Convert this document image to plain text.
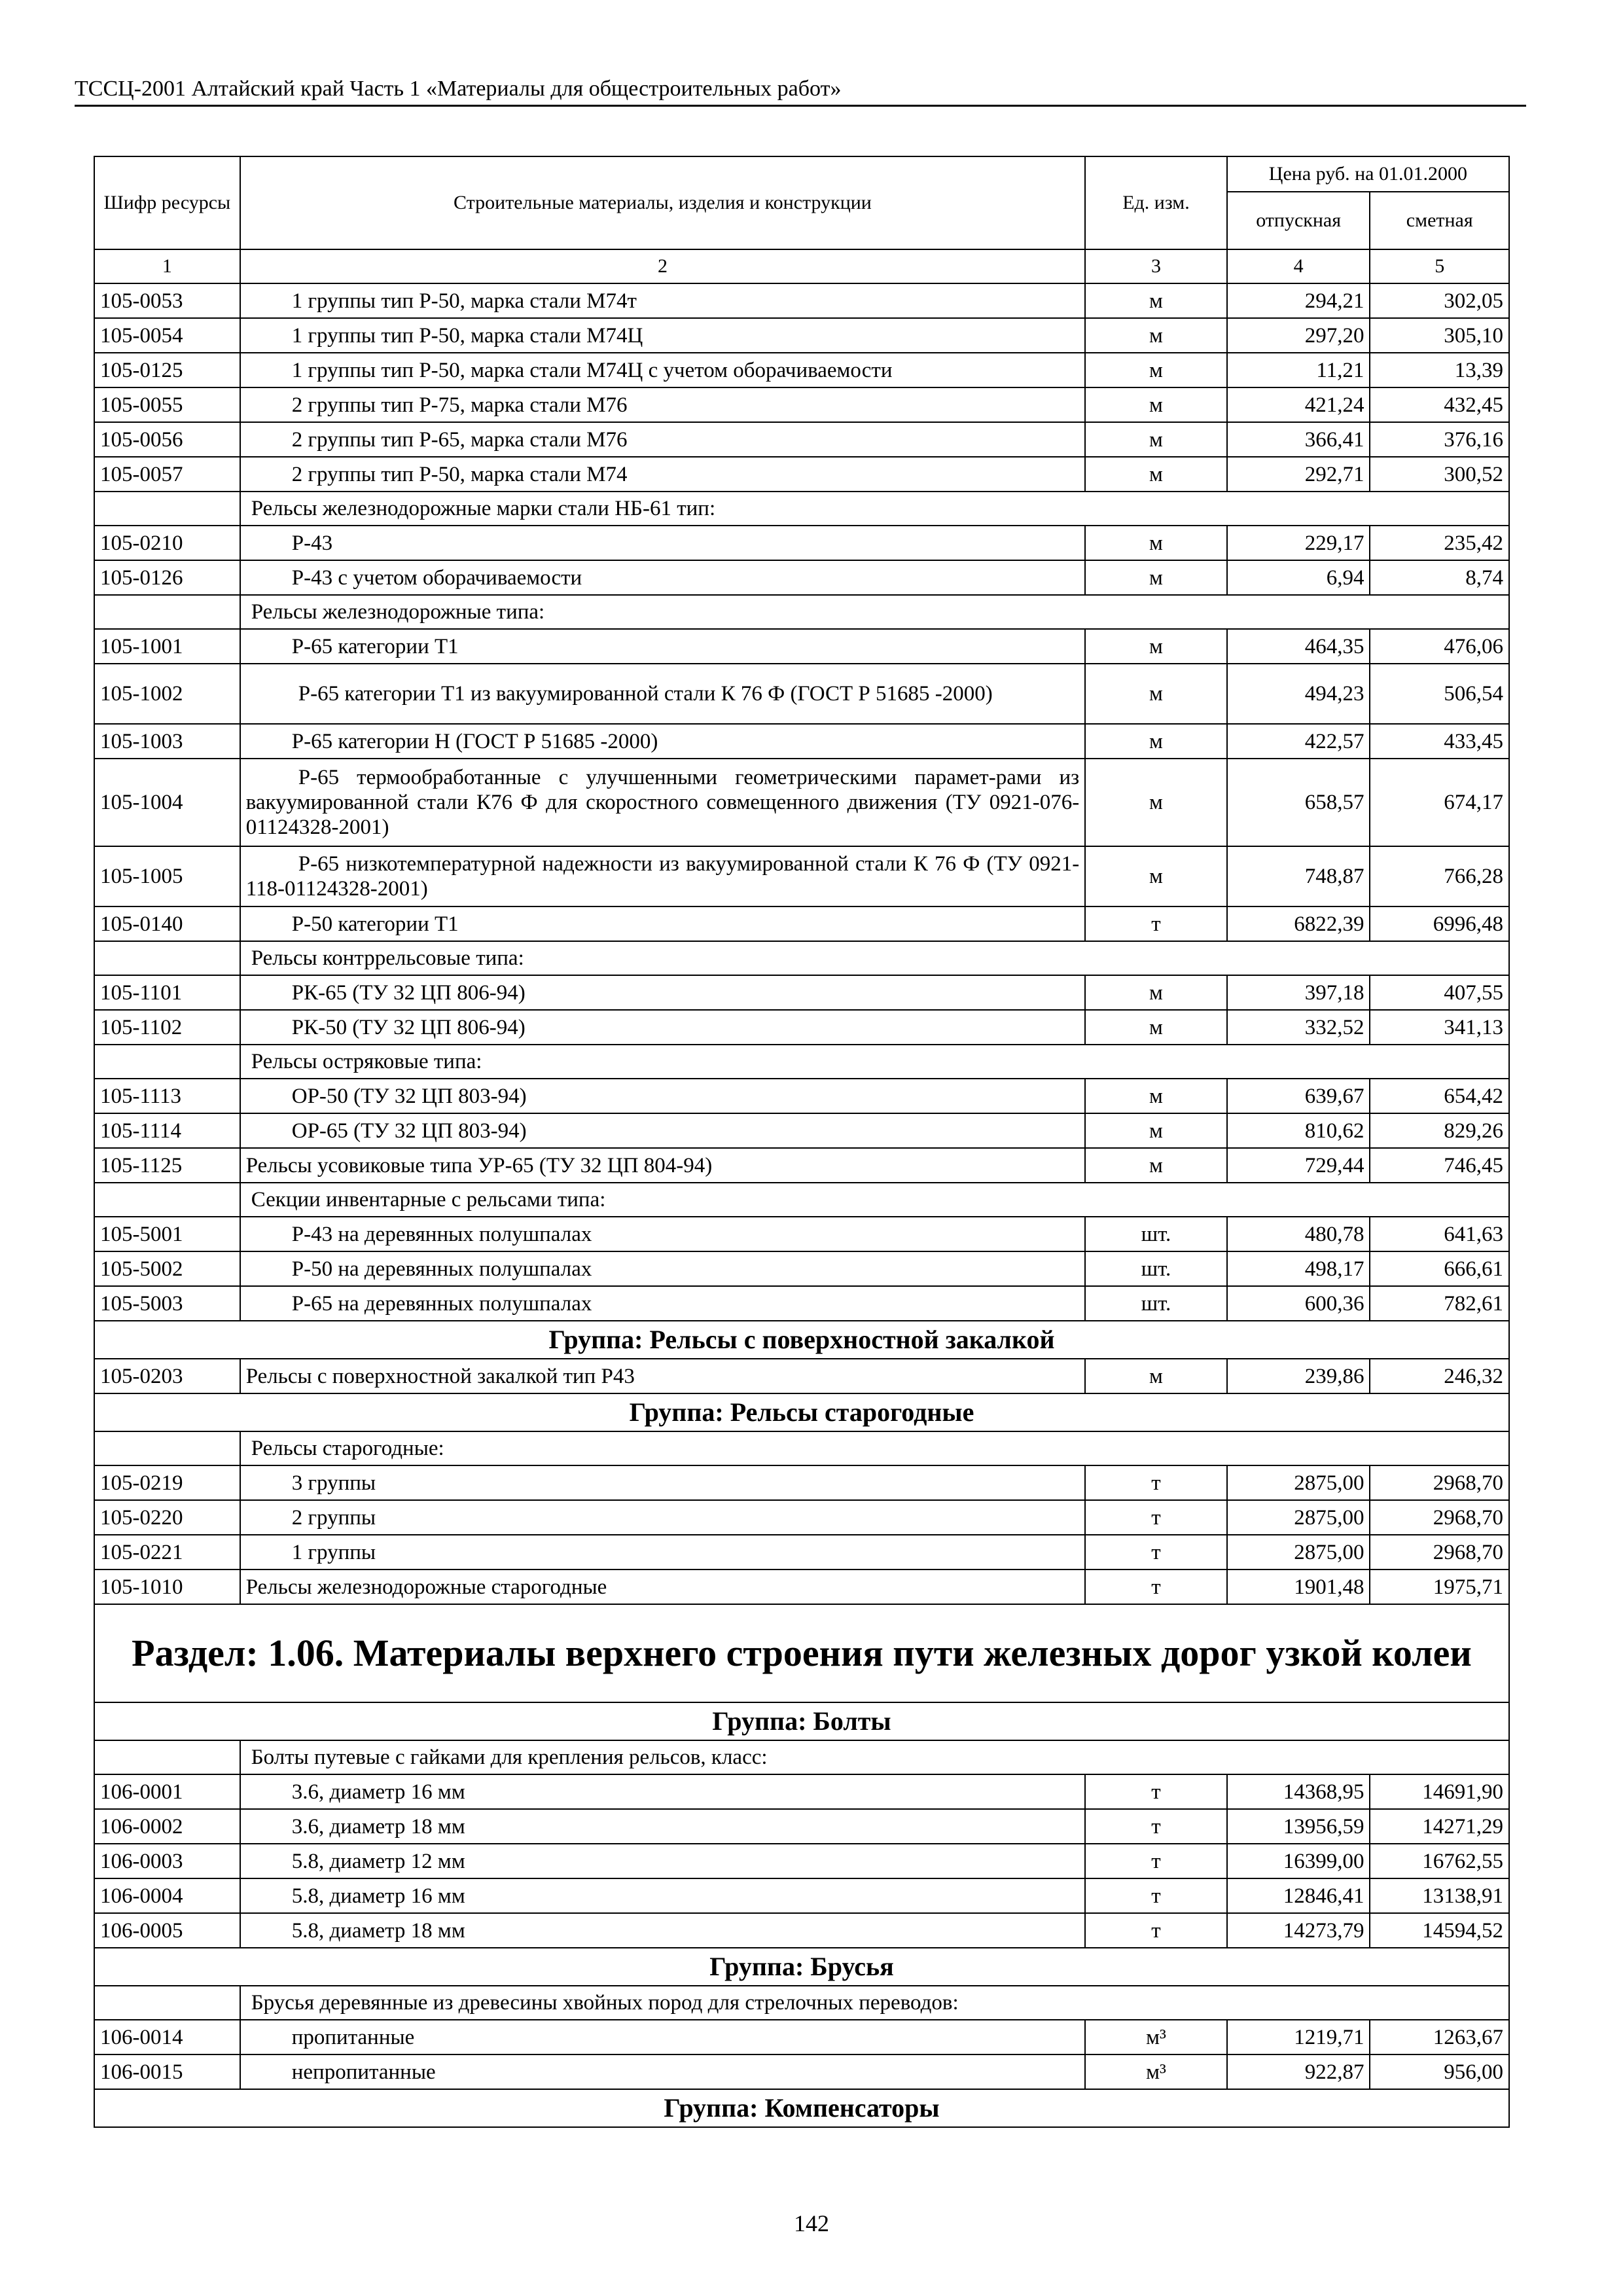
ТССЦ-2001 Алтайский край Часть 1 «Материалы для общестроительных работ»
Шифр ресурсы	Строительные материалы, изделия и конструкции	Ед. изм.	Цена руб. на 01.01.2000	
			отпускная	сметная
1	2	3	4	5
105-0053	1 группы тип Р-50, марка стали М74т	м	294,21	302,05
105-0054	1 группы тип Р-50, марка стали М74Ц	м	297,20	305,10
105-0125	1 группы тип Р-50, марка стали М74Ц с учетом оборачиваемости	м	11,21	13,39
105-0055	2 группы тип Р-75, марка стали М76	м	421,24	432,45
105-0056	2 группы тип Р-65, марка стали М76	м	366,41	376,16
105-0057	2 группы тип Р-50, марка стали М74	м	292,71	300,52
	Рельсы железнодорожные марки стали НБ-61 тип:			
105-0210	Р-43	м	229,17	235,42
105-0126	Р-43 с учетом оборачиваемости	м	6,94	8,74
	Рельсы железнодорожные типа:			
105-1001	Р-65 категории Т1	м	464,35	476,06
105-1002	Р-65 категории Т1 из вакуумированной стали К 76 Ф (ГОСТ Р 51685 -2000)	м	494,23	506,54
105-1003	Р-65 категории Н (ГОСТ Р 51685 -2000)	м	422,57	433,45
105-1004	Р-65 термообработанные с улучшенными геометрическими парамет-рами из вакуумированной стали К76 Ф для скоростного совмещенного движения (ТУ 0921-076-01124328-2001)	м	658,57	674,17
105-1005	Р-65 низкотемпературной надежности из вакуумированной стали К 76 Ф (ТУ 0921-118-01124328-2001)	м	748,87	766,28
105-0140	Р-50 категории Т1	т	6822,39	6996,48
	Рельсы контррельсовые типа:			
105-1101	РК-65 (ТУ 32 ЦП 806-94)	м	397,18	407,55
105-1102	РК-50 (ТУ 32 ЦП 806-94)	м	332,52	341,13
	Рельсы остряковые типа:			
105-1113	ОР-50 (ТУ 32 ЦП 803-94)	м	639,67	654,42
105-1114	ОР-65 (ТУ 32 ЦП 803-94)	м	810,62	829,26
105-1125	Рельсы усовиковые типа УР-65 (ТУ 32 ЦП 804-94)	м	729,44	746,45
	Секции инвентарные с рельсами типа:			
105-5001	Р-43 на деревянных полушпалах	шт.	480,78	641,63
105-5002	Р-50 на деревянных полушпалах	шт.	498,17	666,61
105-5003	Р-65 на деревянных полушпалах	шт.	600,36	782,61
Группа: Рельсы с поверхностной закалкой				
105-0203	Рельсы с поверхностной закалкой тип Р43	м	239,86	246,32
Группа: Рельсы старогодные				
	Рельсы старогодные:			
105-0219	3 группы	т	2875,00	2968,70
105-0220	2 группы	т	2875,00	2968,70
105-0221	1 группы	т	2875,00	2968,70
105-1010	Рельсы железнодорожные старогодные	т	1901,48	1975,71
Раздел: 1.06. Материалы верхнего строения пути железных дорог узкой колеи				
Группа: Болты				
	Болты путевые с гайками для крепления рельсов, класс:			
106-0001	3.6, диаметр 16 мм	т	14368,95	14691,90
106-0002	3.6, диаметр 18 мм	т	13956,59	14271,29
106-0003	5.8, диаметр 12 мм	т	16399,00	16762,55
106-0004	5.8, диаметр 16 мм	т	12846,41	13138,91
106-0005	5.8, диаметр 18 мм	т	14273,79	14594,52
Группа: Брусья				
	Брусья деревянные из древесины хвойных пород для стрелочных переводов:			
106-0014	пропитанные	м³	1219,71	1263,67
106-0015	непропитанные	м³	922,87	956,00
Группа: Компенсаторы				
142
